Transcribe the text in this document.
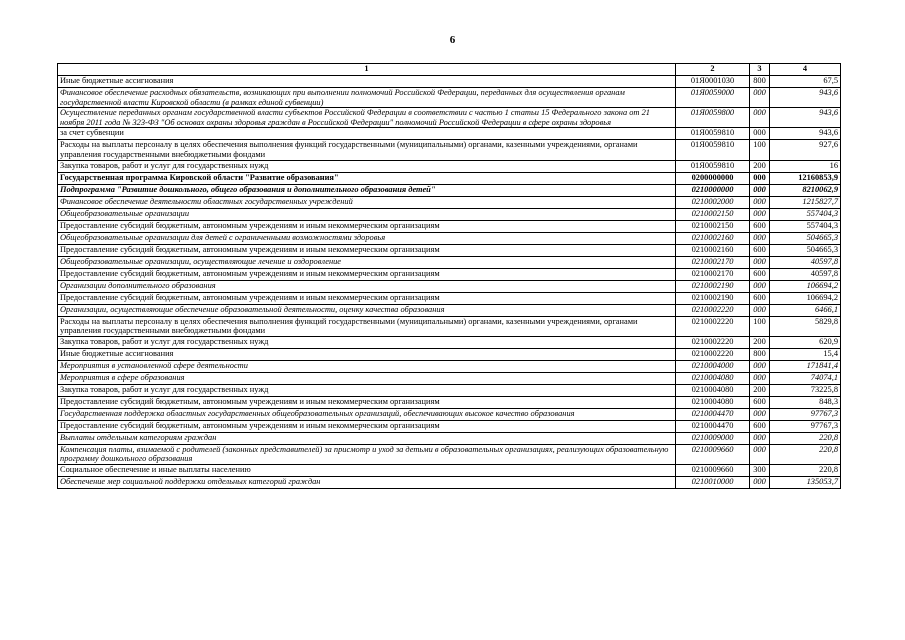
6
1	2	3	4
Иные бюджетные ассигнования	01Я0001030	800	67,5
Финансовое обеспечение расходных обязательств, возникающих при выполнении полномочий Российской Федерации, переданных для осуществления органам государственной власти Кировской области (в рамках единой субвенции)	01Я0059000	000	943,6
Осуществление переданных органам государственной власти субъектов Российской Федерации в соответствии с частью 1 статьи 15 Федерального закона от 21 ноября 2011 года № 323-ФЗ "Об основах охраны здоровья граждан в Российской Федерации" полномочий Российской Федерации в сфере охраны здоровья	01Я0059800	000	943,6
за счет субвенции	01Я0059810	000	943,6
Расходы на выплаты персоналу в целях обеспечения выполнения функций государственными (муниципальными) органами, казенными учреждениями, органами управления государственными внебюджетными фондами	01Я0059810	100	927,6
Закупка товаров, работ и услуг для государственных нужд	01Я0059810	200	16
Государственная программа Кировской области "Развитие образования"	0200000000	000	12160853,9
Подпрограмма "Развитие дошкольного, общего образования и дополнительного образования детей"	0210000000	000	8210062,9
Финансовое обеспечение деятельности областных государственных учреждений	0210002000	000	1215827,7
Общеобразовательные организации	0210002150	000	557404,3
Предоставление субсидий бюджетным, автономным учреждениям и иным некоммерческим организациям	0210002150	600	557404,3
Общеобразовательные организации для детей с ограниченными возможностями здоровья	0210002160	000	504665,3
Предоставление субсидий бюджетным, автономным учреждениям и иным некоммерческим организациям	0210002160	600	504665,3
Общеобразовательные организации, осуществляющие лечение и оздоровление	0210002170	000	40597,8
Предоставление субсидий бюджетным, автономным учреждениям и иным некоммерческим организациям	0210002170	600	40597,8
Организации дополнительного образования	0210002190	000	106694,2
Предоставление субсидий бюджетным, автономным учреждениям и иным некоммерческим организациям	0210002190	600	106694,2
Организации, осуществляющие обеспечение образовательной деятельности, оценку качества образования	0210002220	000	6466,1
Расходы на выплаты персоналу в целях обеспечения выполнения функций государственными (муниципальными) органами, казенными учреждениями, органами управления государственными внебюджетными фондами	0210002220	100	5829,8
Закупка товаров, работ и услуг для государственных нужд	0210002220	200	620,9
Иные бюджетные ассигнования	0210002220	800	15,4
Мероприятия в установленной сфере деятельности	0210004000	000	171841,4
Мероприятия в сфере образования	0210004080	000	74074,1
Закупка товаров, работ и услуг для государственных нужд	0210004080	200	73225,8
Предоставление субсидий бюджетным, автономным учреждениям и иным некоммерческим организациям	0210004080	600	848,3
Государственная поддержка областных государственных общеобразовательных организаций, обеспечивающих высокое качество образования	0210004470	000	97767,3
Предоставление субсидий бюджетным, автономным учреждениям и иным некоммерческим организациям	0210004470	600	97767,3
Выплаты отдельным категориям граждан	0210009000	000	220,8
Компенсация платы, взимаемой с родителей (законных представителей) за присмотр и уход за детьми в образовательных организациях, реализующих образовательную программу дошкольного образования	0210009660	000	220,8
Социальное обеспечение и иные выплаты населению	0210009660	300	220,8
Обеспечение мер социальной поддержки отдельных категорий граждан	0210010000	000	135053,7
